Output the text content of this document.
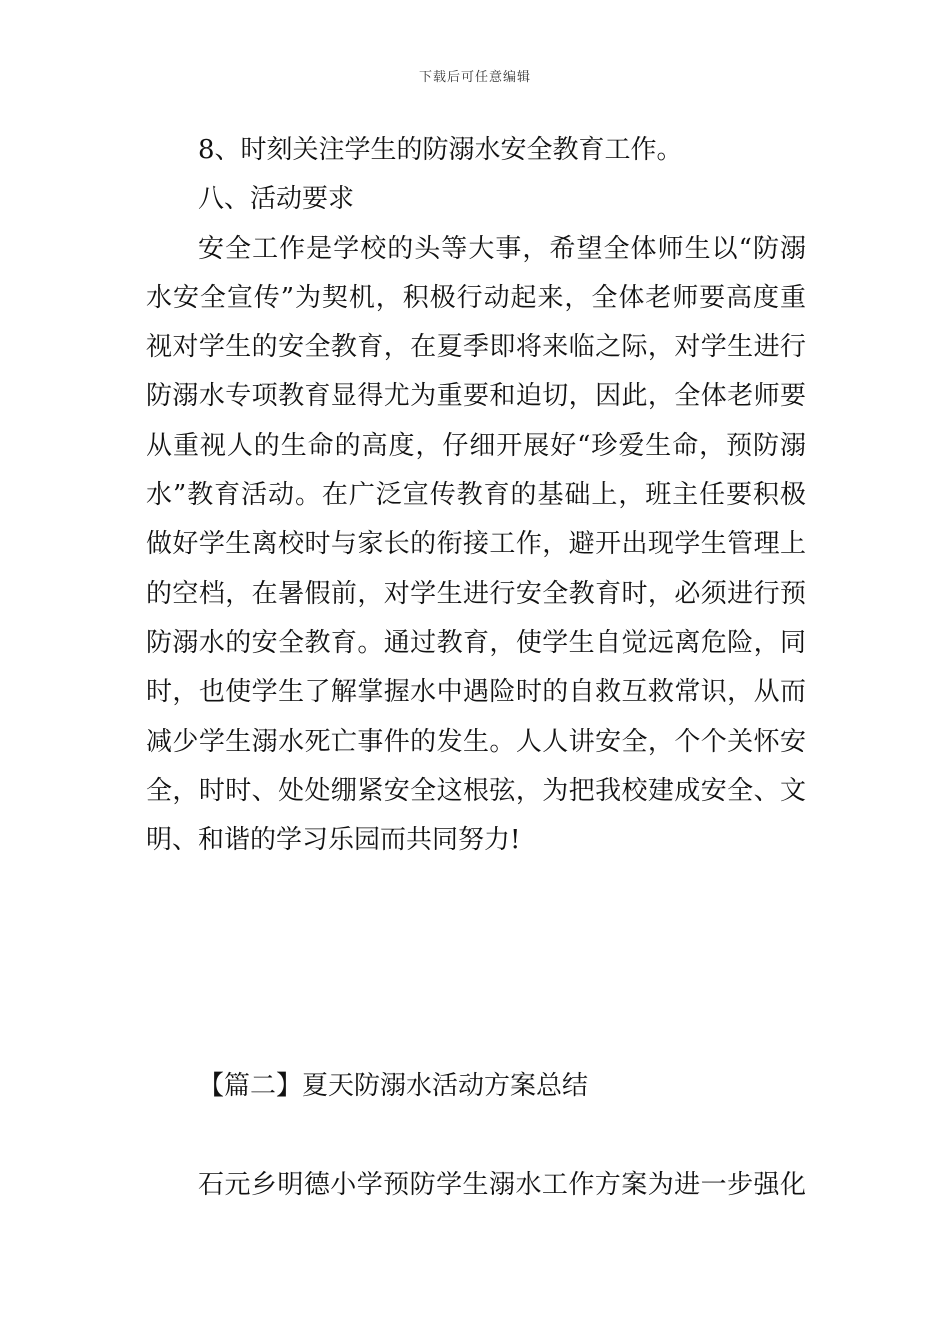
下载后可任意编辑
8、时刻关注学生的防溺水安全教育工作。
八、活动要求
安全工作是学校的头等大事，希望全体师生以“防溺
水安全宣传”为契机，积极行动起来，全体老师要高度重
视对学生的安全教育，在夏季即将来临之际，对学生进行
防溺水专项教育显得尤为重要和迫切，因此，全体老师要
从重视人的生命的高度，仔细开展好“珍爱生命，预防溺
水”教育活动。在广泛宣传教育的基础上，班主任要积极
做好学生离校时与家长的衔接工作，避开出现学生管理上
的空档，在暑假前，对学生进行安全教育时，必须进行预
防溺水的安全教育。通过教育，使学生自觉远离危险，同
时，也使学生了解掌握水中遇险时的自救互救常识，从而
减少学生溺水死亡事件的发生。人人讲安全，个个关怀安
全，时时、处处绷紧安全这根弦，为把我校建成安全、文
明、和谐的学习乐园而共同努力!
【篇二】夏天防溺水活动方案总结
石元乡明德小学预防学生溺水工作方案为进一步强化
